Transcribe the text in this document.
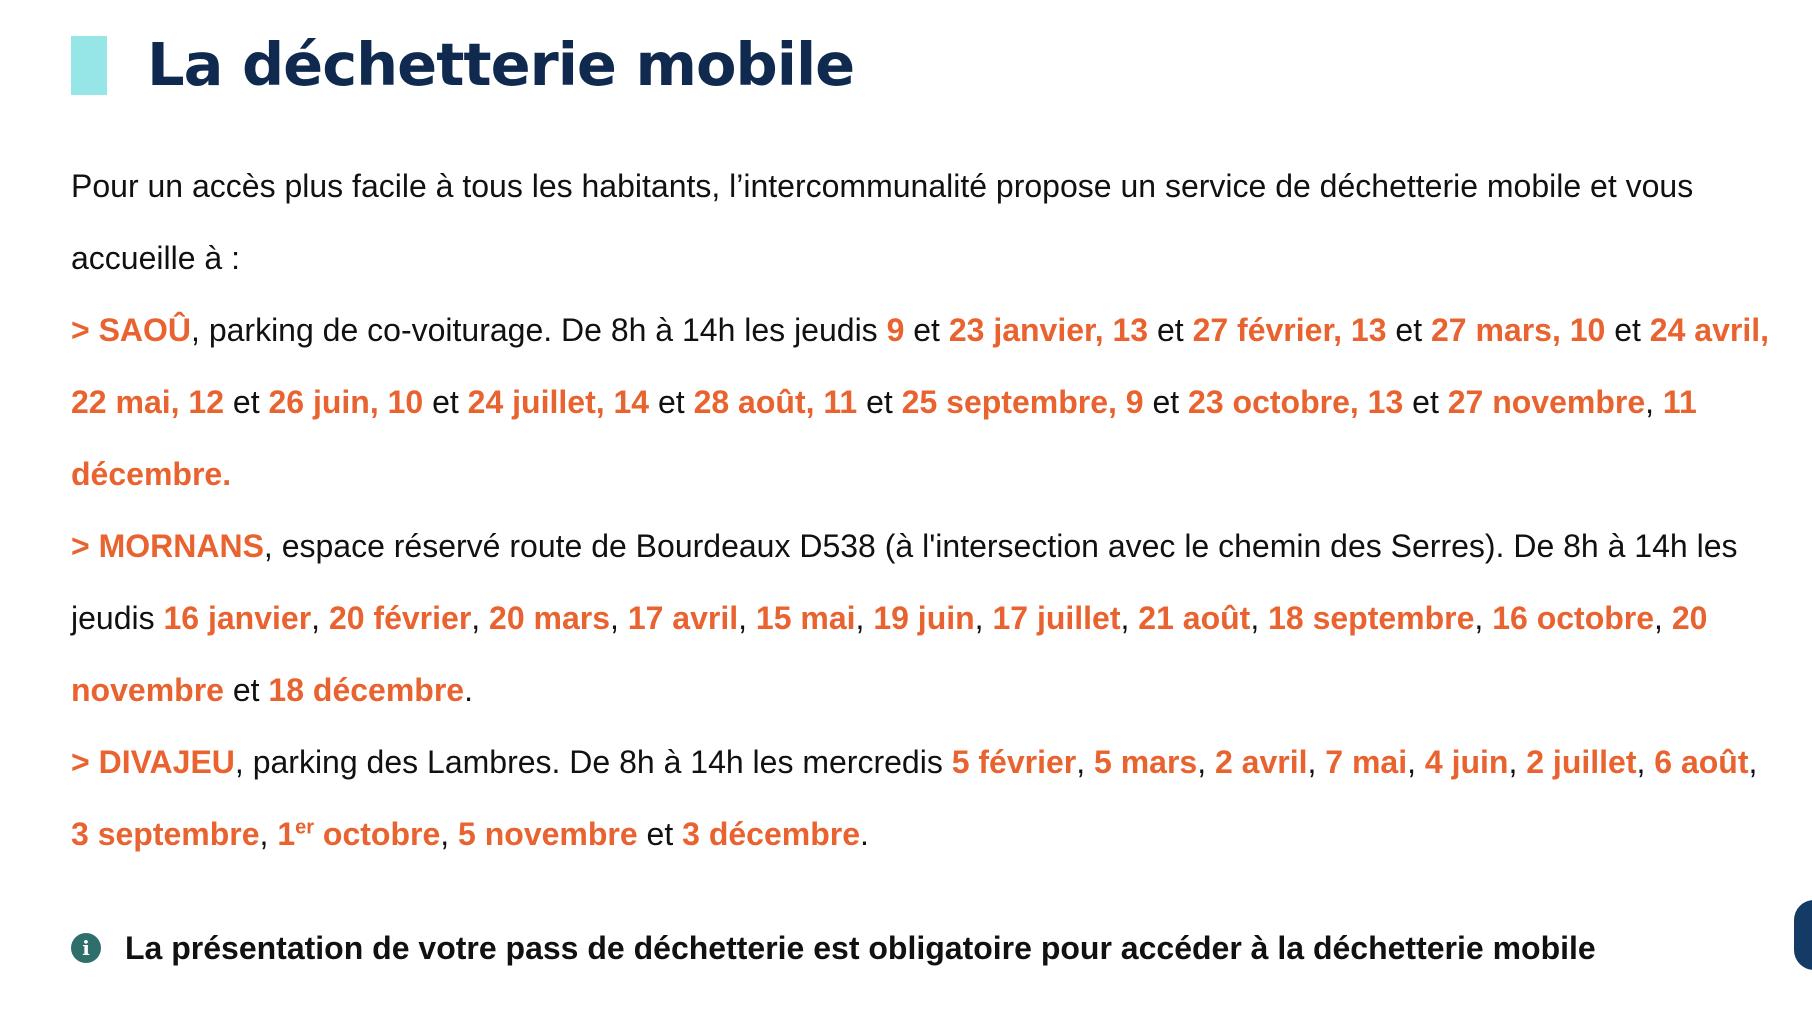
La déchetterie mobile

Pour un accès plus facile à tous les habitants, l’intercommunalité propose un service de déchetterie mobile et vous accueille à :

> SAOÛ, parking de co-voiturage. De 8h à 14h les jeudis 9 et 23 janvier, 13 et 27 février, 13 et 27 mars, 10 et 24 avril, 22 mai, 12 et 26 juin, 10 et 24 juillet, 14 et 28 août, 11 et 25 septembre, 9 et 23 octobre, 13 et 27 novembre, 11 décembre.

> MORNANS, espace réservé route de Bourdeaux D538 (à l'intersection avec le chemin des Serres). De 8h à 14h les jeudis 16 janvier, 20 février, 20 mars, 17 avril, 15 mai, 19 juin, 17 juillet, 21 août, 18 septembre, 16 octobre, 20 novembre et 18 décembre.

> DIVAJEU, parking des Lambres. De 8h à 14h les mercredis 5 février, 5 mars, 2 avril, 7 mai, 4 juin, 2 juillet, 6 août, 3 septembre, 1er octobre, 5 novembre et 3 décembre.

i	La présentation de votre pass de déchetterie est obligatoire pour accéder à la déchetterie mobile
